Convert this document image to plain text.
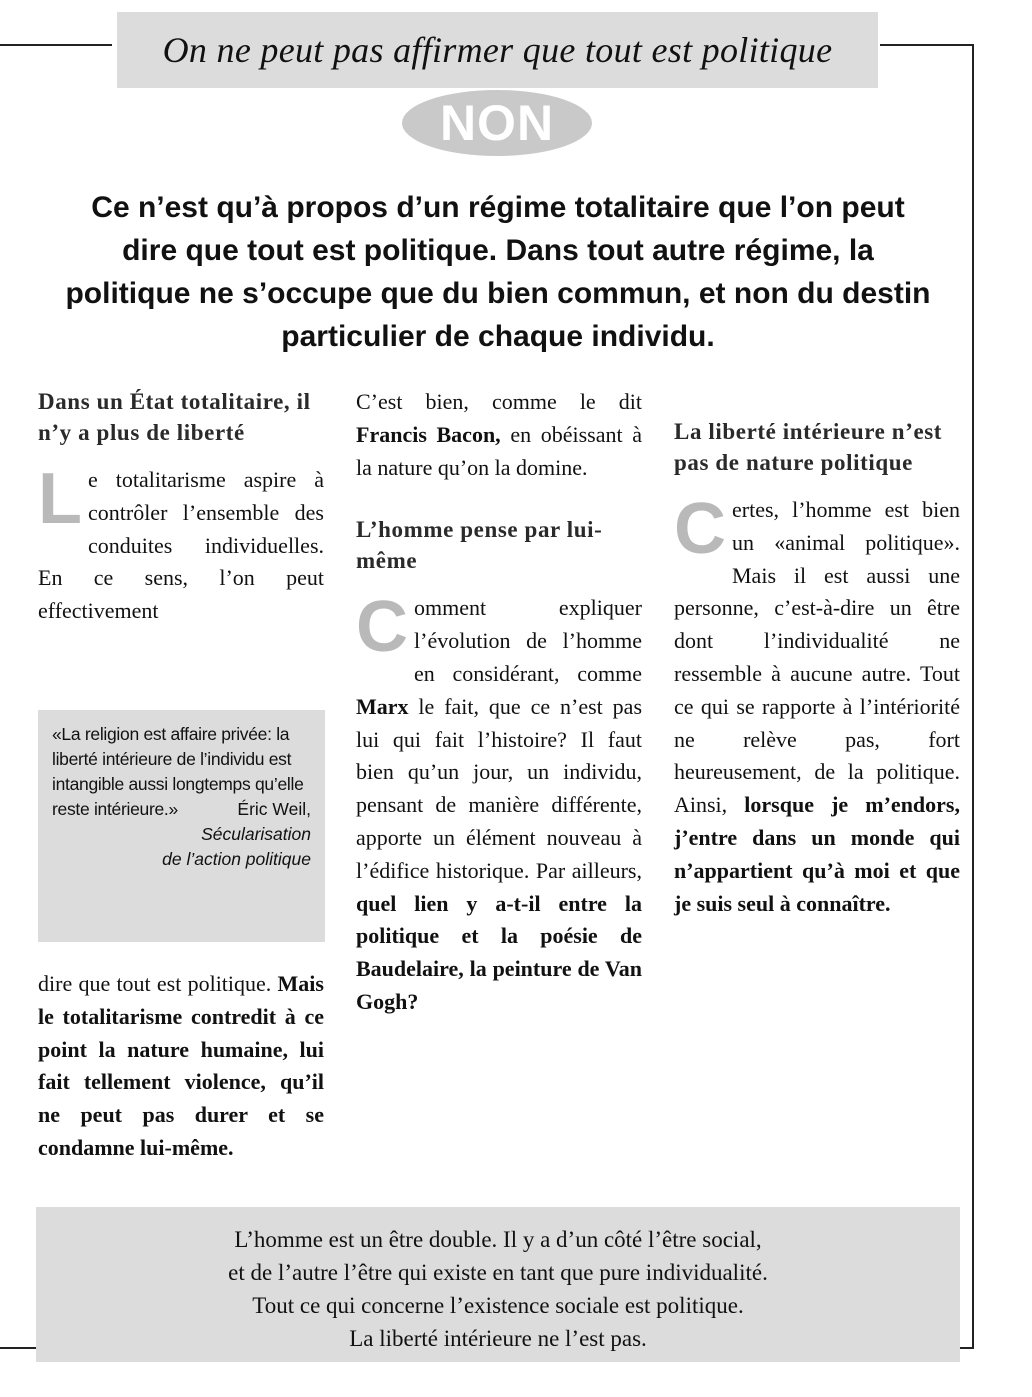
On ne peut pas affirmer que tout est politique
NON
Ce n’est qu’à propos d’un régime totalitaire que l’on peut dire que tout est politique. Dans tout autre régime, la politique ne s’occupe que du bien commun, et non du destin particulier de chaque individu.
Dans un État totalitaire, il n’y a plus de liberté

Le totalitarisme aspire à contrôler l’ensemble des conduites individuelles. En ce sens, l’on peut effectivement

«La religion est affaire privée: la liberté intérieure de l’individu est intangible aussi longtemps qu’elle reste intérieure.»	Éric Weil,

Sécularisation

de l’action politique

dire que tout est politique. Mais le totalitarisme contredit à ce point la nature humaine, lui fait tellement violence, qu’il ne peut pas durer et se condamne lui-même.

C’est bien, comme le dit Francis Bacon, en obéissant à la nature qu’on la domine.

L’homme pense par lui-même

Comment expliquer l’évolution de l’homme en considérant, comme Marx le fait, que ce n’est pas lui qui fait l’histoire? Il faut bien qu’un jour, un individu, pensant de manière différente, apporte un élément nouveau à l’édifice historique. Par ailleurs, quel lien y a-t-il entre la politique et la poésie de Baudelaire, la peinture de Van Gogh?

La liberté intérieure n’est pas de nature politique

Certes, l’homme est bien un «animal politique». Mais il est aussi une personne, c’est-à-dire un être dont l’individualité ne ressemble à aucune autre. Tout ce qui se rapporte à l’intériorité ne relève pas, fort heureusement, de la politique. Ainsi, lorsque je m’endors, j’entre dans un monde qui n’appartient qu’à moi et que je suis seul à connaître.

L’homme est un être double. Il y a d’un côté l’être social,

et de l’autre l’être qui existe en tant que pure individualité.

Tout ce qui concerne l’existence sociale est politique.

La liberté intérieure ne l’est pas.
